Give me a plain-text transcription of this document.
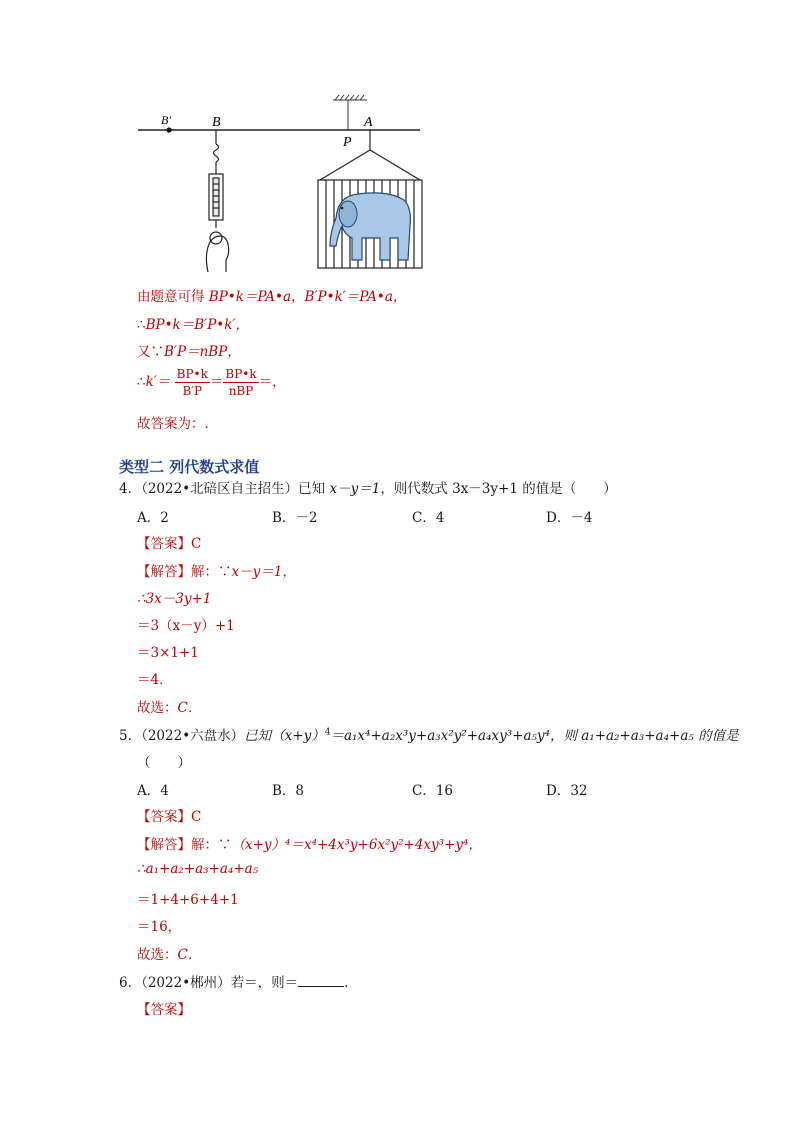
B′	B	A
P
由题意可得 BP•k＝PA•a，B′P•k′＝PA•a，
∴BP•k＝B′P•k′，
又∵B′P＝nBP，
∴k′＝ $\frac{BP•k}{B'P} = \frac{BP•k}{\text{nBP}}$ ＝，
故答案为：.
类型二 列代数式求值
4．（2022•北碚区自主招生）已知 x－y＝1，则代数式 3x－3y+1 的值是（　　）
A．2	B．－2	C．4	D．－4
【答案】C
【解答】解：∵x－y＝1，
∴3x－3y+1
＝3（x－y）+1
＝3×1+1
＝4．
故选：C．
5．（2022•六盘水）已知$(x+y)^4=a_1x^4+a_2x^3y+a_3x^2y^2+a_4xy^3+a_5y^4$，则 a₁+a₂+a₃+a₄+a₅ 的值是
（　　）
A．4	B．8	C．16	D．32
【答案】C
【解答】解：∵（x+y）⁴＝x⁴+4x³y+6x²y²+4xy³+y⁴，
∴a₁+a₂+a₃+a₄+a₅
＝1+4+6+4+1
＝16，
故选：C．
6．（2022•郴州）若＝，则＝	．
【答案】
